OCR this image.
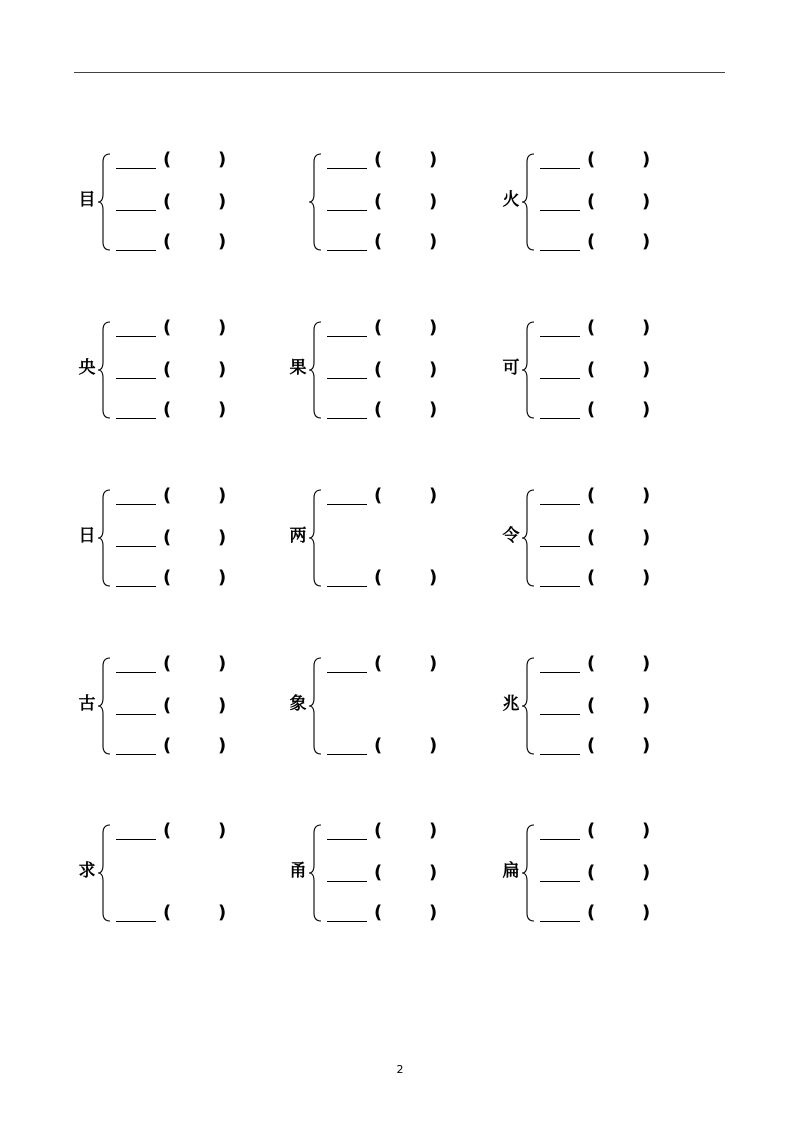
目
(	)
(	)
(	)
(	)
(	)
(	)
火
(	)
(	)
(	)
央
(	)
(	)
(	)
果
(	)
(	)
(	)
可
(	)
(	)
(	)
日
(	)
(	)
(	)
两
(	)
(	)
令
(	)
(	)
(	)
古
(	)
(	)
(	)
象
(	)
(	)
兆
(	)
(	)
(	)
求
(	)
(	)
甬
(	)
(	)
(	)
扁
(	)
(	)
(	)
2
